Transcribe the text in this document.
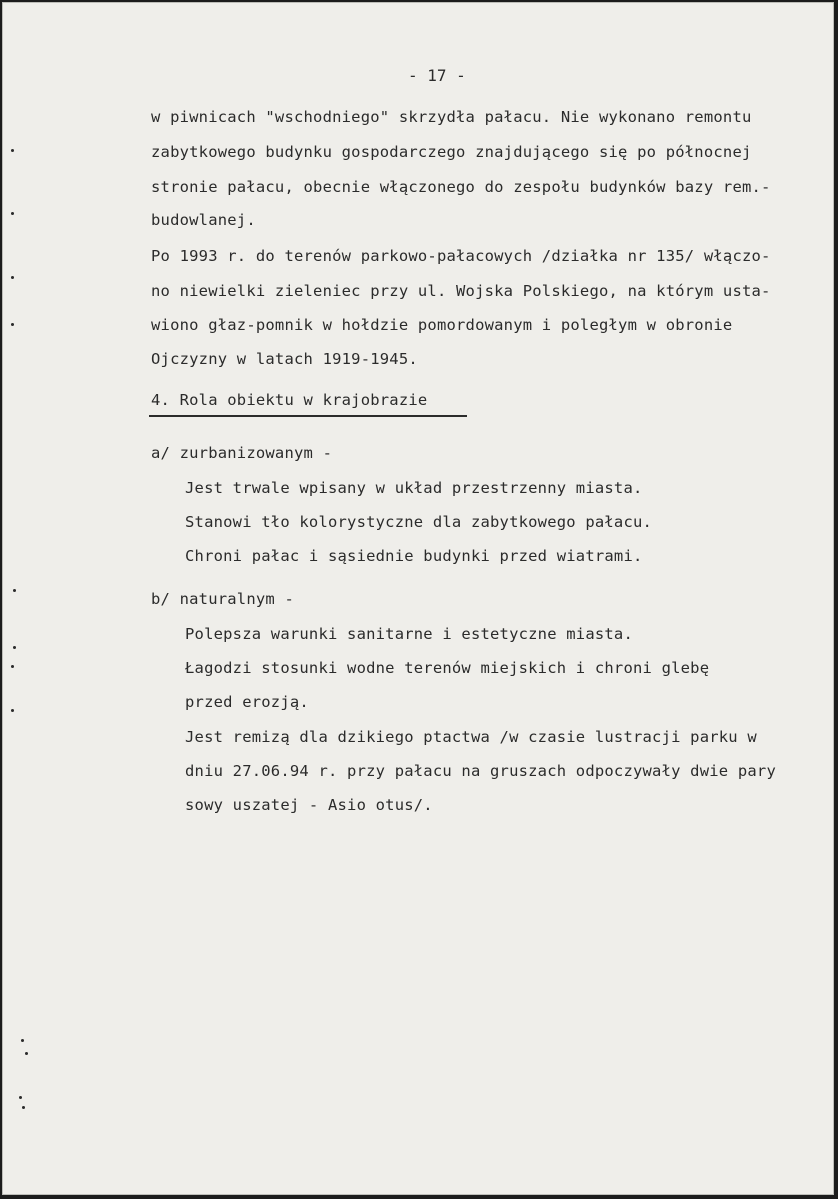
- 17 -
w piwnicach "wschodniego" skrzydła pałacu. Nie wykonano remontu
zabytkowego budynku gospodarczego znajdującego się po północnej
stronie pałacu, obecnie włączonego do zespołu budynków bazy rem.-
budowlanej.
Po 1993 r. do terenów parkowo-pałacowych /działka nr 135/ włączo-
no niewielki zieleniec przy ul. Wojska Polskiego, na którym usta-
wiono głaz-pomnik w hołdzie pomordowanym i poległym w obronie
Ojczyzny w latach 1919-1945.
4. Rola obiektu w krajobrazie
a/ zurbanizowanym -
Jest trwale wpisany w układ przestrzenny miasta.
Stanowi tło kolorystyczne dla zabytkowego pałacu.
Chroni pałac i sąsiednie budynki przed wiatrami.
b/ naturalnym -
Polepsza warunki sanitarne i estetyczne miasta.
Łagodzi stosunki wodne terenów miejskich i chroni glebę
przed erozją.
Jest remizą dla dzikiego ptactwa /w czasie lustracji parku w
dniu 27.06.94 r. przy pałacu na gruszach odpoczywały dwie pary
sowy uszatej - Asio otus/.
